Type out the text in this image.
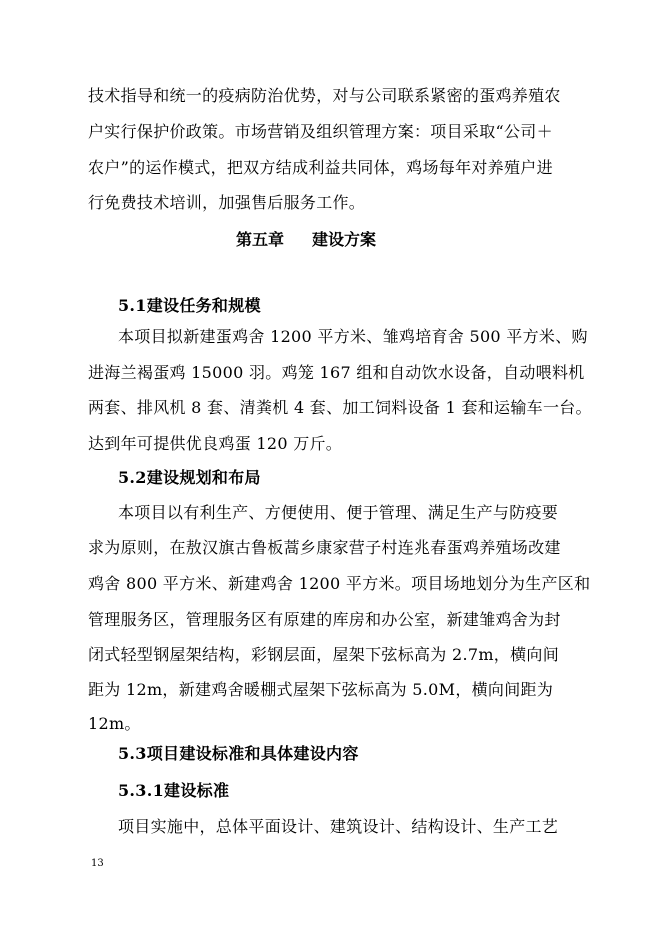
技术指导和统一的疫病防治优势，对与公司联系紧密的蛋鸡养殖农
户实行保护价政策。市场营销及组织管理方案：项目采取“公司＋
农户”的运作模式，把双方结成利益共同体，鸡场每年对养殖户进
行免费技术培训，加强售后服务工作。
第五章 建设方案
5.1建设任务和规模
本项目拟新建蛋鸡舍 1200 平方米、雏鸡培育舍 500 平方米、购
进海兰褐蛋鸡 15000 羽。鸡笼 167 组和自动饮水设备，自动喂料机
两套、排风机 8 套、清粪机 4 套、加工饲料设备 1 套和运输车一台。
达到年可提供优良鸡蛋 120 万斤。
5.2建设规划和布局
本项目以有利生产、方便使用、便于管理、满足生产与防疫要
求为原则，在敖汉旗古鲁板蒿乡康家营子村连兆春蛋鸡养殖场改建
鸡舍 800 平方米、新建鸡舍 1200 平方米。项目场地划分为生产区和
管理服务区，管理服务区有原建的库房和办公室，新建雏鸡舍为封
闭式轻型钢屋架结构，彩钢层面，屋架下弦标高为 2.7m，横向间
距为 12m，新建鸡舍暖棚式屋架下弦标高为 5.0M，横向间距为
12m。
5.3项目建设标准和具体建设内容
5.3.1建设标准
项目实施中，总体平面设计、建筑设计、结构设计、生产工艺
13
